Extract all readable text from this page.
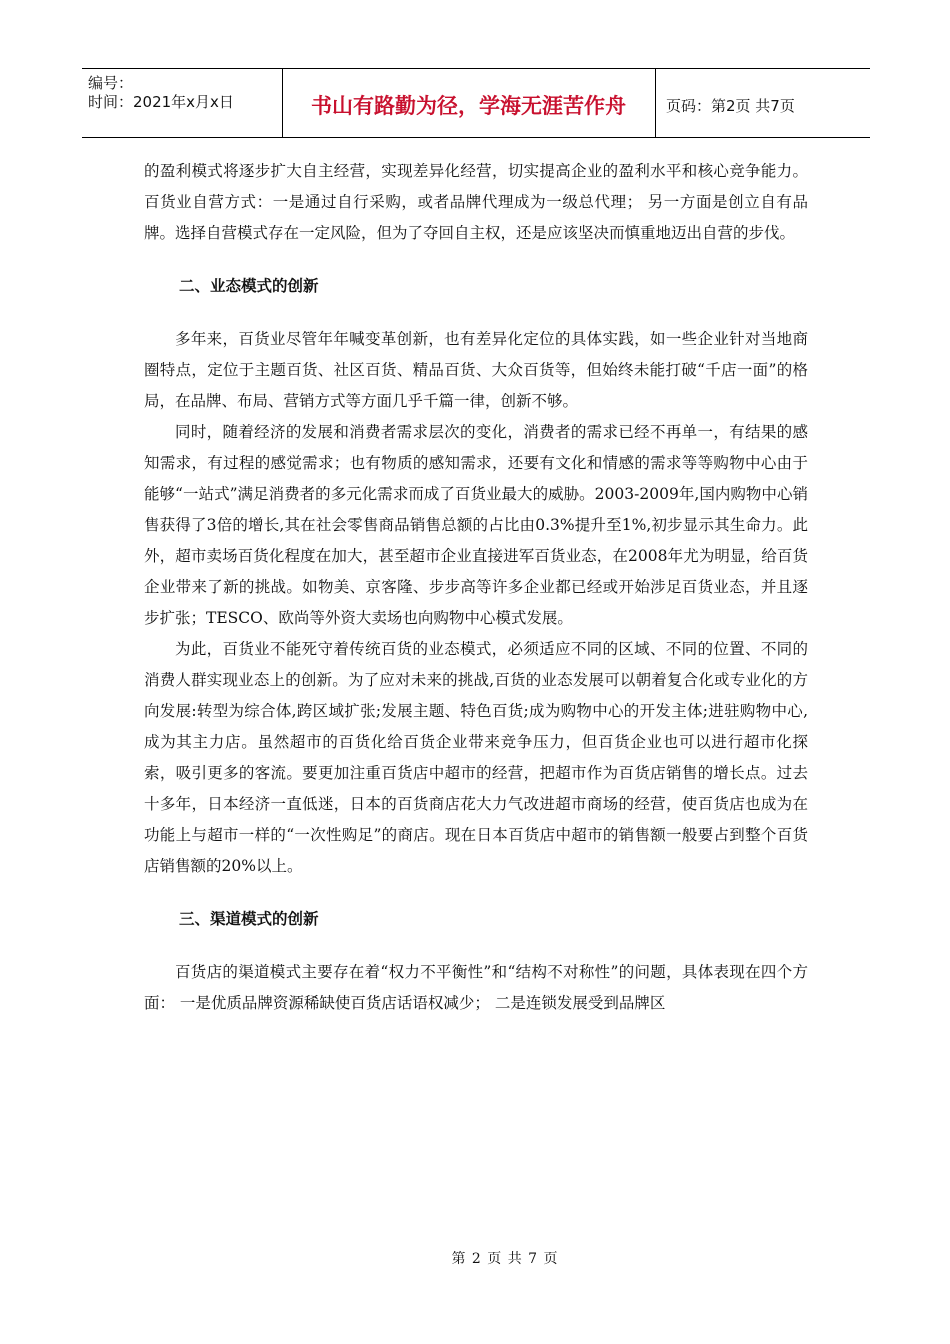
编号：
时间：2021年x月x日	书山有路勤为径，学海无涯苦作舟	页码：第2页 共7页

的盈利模式将逐步扩大自主经营，实现差异化经营，切实提高企业的盈利水平和核心竞争能力。百货业自营方式：一是通过自行采购，或者品牌代理成为一级总代理； 另一方面是创立自有品牌。选择自营模式存在一定风险，但为了夺回自主权，还是应该坚决而慎重地迈出自营的步伐。

二、业态模式的创新

多年来，百货业尽管年年喊变革创新，也有差异化定位的具体实践，如一些企业针对当地商圈特点，定位于主题百货、社区百货、精品百货、大众百货等，但始终未能打破“千店一面”的格局，在品牌、布局、营销方式等方面几乎千篇一律，创新不够。

同时，随着经济的发展和消费者需求层次的变化，消费者的需求已经不再单一，有结果的感知需求，有过程的感觉需求；也有物质的感知需求，还要有文化和情感的需求等等购物中心由于能够“一站式”满足消费者的多元化需求而成了百货业最大的威胁。2003-2009年,国内购物中心销售获得了3倍的增长,其在社会零售商品销售总额的占比由0.3%提升至1%,初步显示其生命力。此外，超市卖场百货化程度在加大，甚至超市企业直接进军百货业态，在2008年尤为明显，给百货企业带来了新的挑战。如物美、京客隆、步步高等许多企业都已经或开始涉足百货业态，并且逐步扩张；TESCO、欧尚等外资大卖场也向购物中心模式发展。

为此，百货业不能死守着传统百货的业态模式，必须适应不同的区域、不同的位置、不同的消费人群实现业态上的创新。为了应对未来的挑战,百货的业态发展可以朝着复合化或专业化的方向发展:转型为综合体,跨区域扩张;发展主题、特色百货;成为购物中心的开发主体;进驻购物中心,成为其主力店。虽然超市的百货化给百货企业带来竞争压力，但百货企业也可以进行超市化探索，吸引更多的客流。要更加注重百货店中超市的经营，把超市作为百货店销售的增长点。过去十多年，日本经济一直低迷，日本的百货商店花大力气改进超市商场的经营，使百货店也成为在功能上与超市一样的“一次性购足”的商店。现在日本百货店中超市的销售额一般要占到整个百货店销售额的20%以上。

三、渠道模式的创新

百货店的渠道模式主要存在着“权力不平衡性”和“结构不对称性”的问题，具体表现在四个方面： 一是优质品牌资源稀缺使百货店话语权减少； 二是连锁发展受到品牌区

第 2 页 共 7 页
